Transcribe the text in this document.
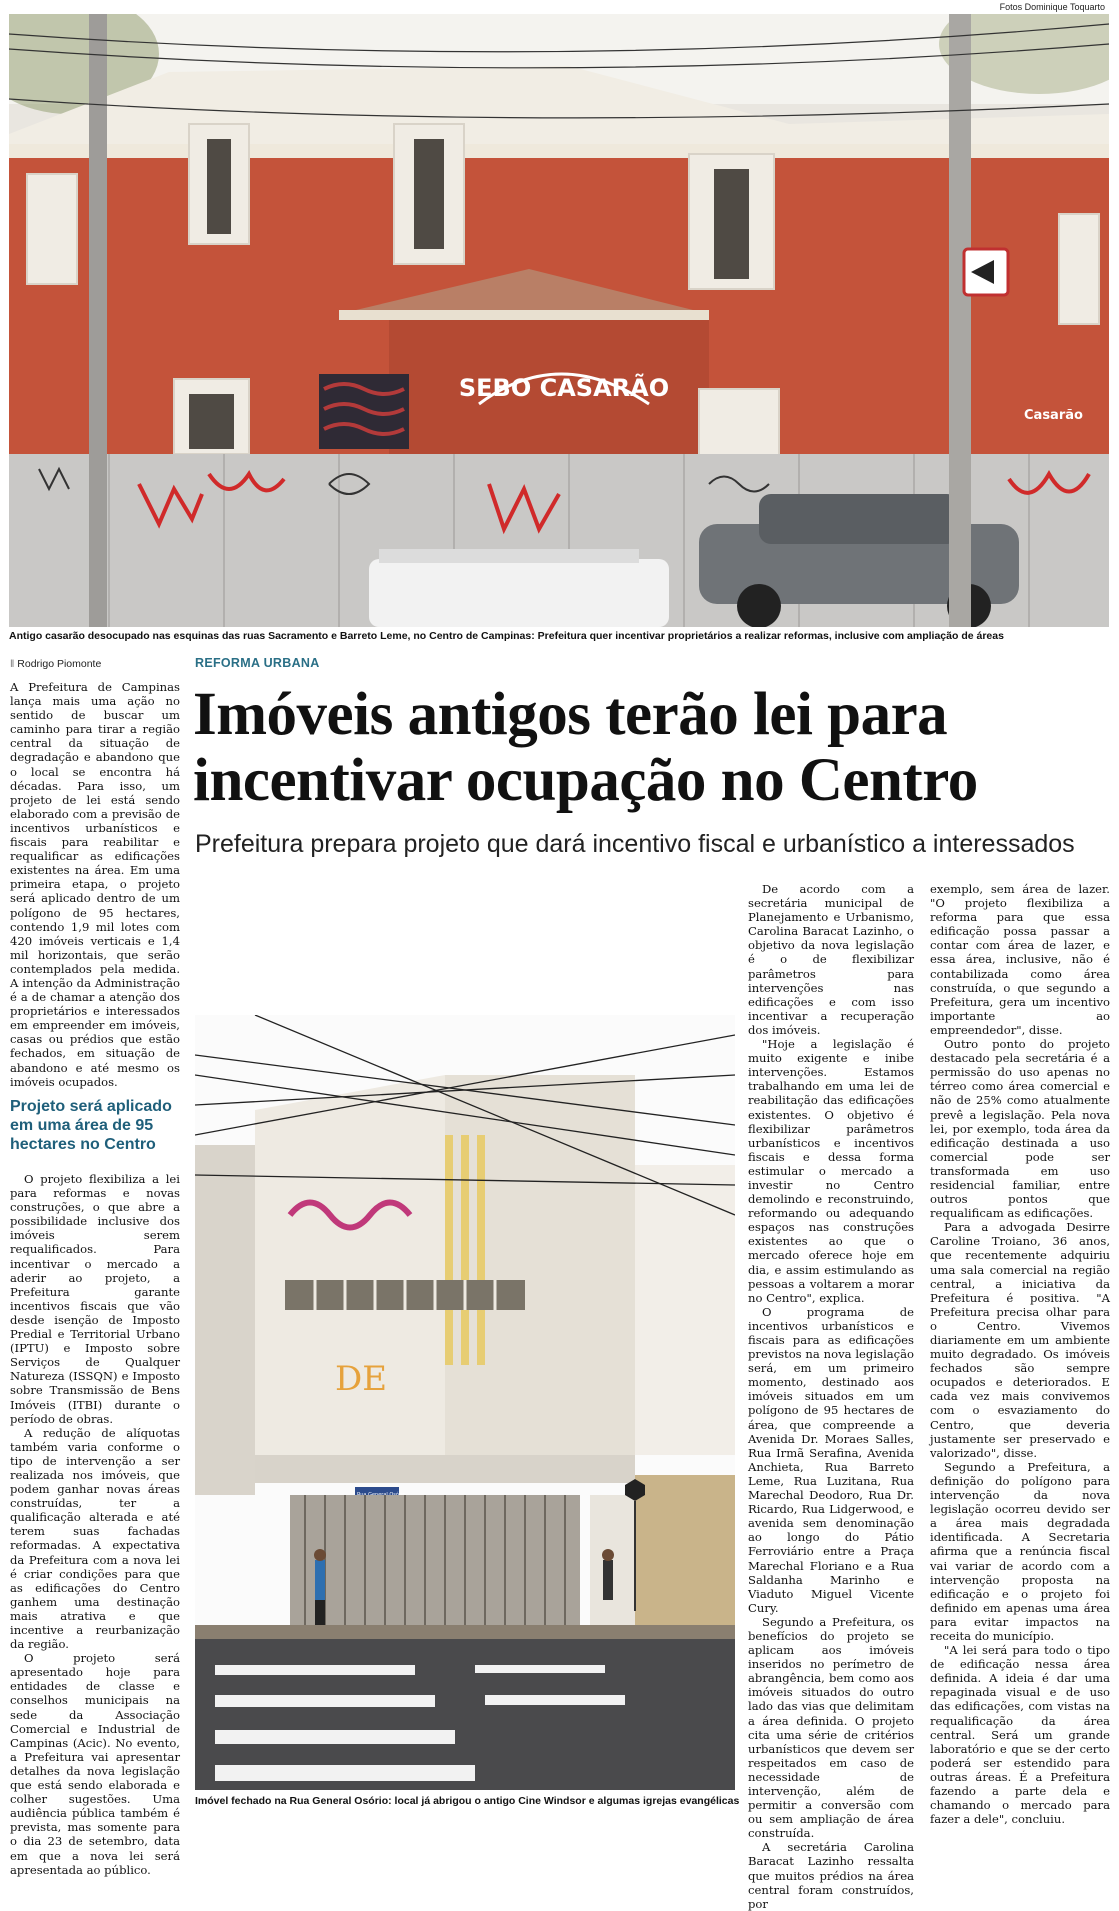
Fotos Dominique Toquarto
SEBO CASARÃO
Casarão
Antigo casarão desocupado nas esquinas das ruas Sacramento e Barreto Leme, no Centro de Campinas: Prefeitura quer incentivar proprietários a realizar reformas, inclusive com ampliação de áreas
‖ Rodrigo Piomonte	REFORMA URBANA
Imóveis antigos terão lei para incentivar ocupação no Centro
Prefeitura prepara projeto que dará incentivo fiscal e urbanístico a interessados

A Prefeitura de Campinas lança mais uma ação no sentido de buscar um caminho para tirar a região central da situação de degradação e abandono que o local se encontra há décadas. Para isso, um projeto de lei está sendo elaborado com a previsão de incentivos urbanísticos e fiscais para reabilitar e requalificar as edificações existentes na área. Em uma primeira etapa, o projeto será aplicado dentro de um polígono de 95 hectares, contendo 1,9 mil lotes com 420 imóveis verticais e 1,4 mil horizontais, que serão contemplados pela medida. A intenção da Administração é a de chamar a atenção dos proprietários e interessados em empreender em imóveis, casas ou prédios que estão fechados, em situação de abandono e até mesmo os imóveis ocupados.

Projeto será aplicado em uma área de 95 hectares no Centro

O projeto flexibiliza a lei para reformas e novas construções, o que abre a possibilidade inclusive dos imóveis serem requalificados. Para incentivar o mercado a aderir ao projeto, a Prefeitura garante incentivos fiscais que vão desde isenção de Imposto Predial e Territorial Urbano (IPTU) e Imposto sobre Serviços de Qualquer Natureza (ISSQN) e Imposto sobre Transmissão de Bens Imóveis (ITBI) durante o período de obras.

A redução de alíquotas também varia conforme o tipo de intervenção a ser realizada nos imóveis, que podem ganhar novas áreas construídas, ter a qualificação alterada e até terem suas fachadas reformadas. A expectativa da Prefeitura com a nova lei é criar condições para que as edificações do Centro ganhem uma destinação mais atrativa e que incentive a reurbanização da região.

O projeto será apresentado hoje para entidades de classe e conselhos municipais na sede da Associação Comercial e Industrial de Campinas (Acic). No evento, a Prefeitura vai apresentar detalhes da nova legislação que está sendo elaborada e colher sugestões. Uma audiência pública também é prevista, mas somente para o dia 23 de setembro, data em que a nova lei será apresentada ao público.

DE
Imóvel fechado na Rua General Osório: local já abrigou o antigo Cine Windsor e algumas igrejas evangélicas

De acordo com a secretária municipal de Planejamento e Urbanismo, Carolina Baracat Lazinho, o objetivo da nova legislação é o de flexibilizar parâmetros para intervenções nas edificações e com isso incentivar a recuperação dos imóveis.

"Hoje a legislação é muito exigente e inibe intervenções. Estamos trabalhando em uma lei de reabilitação das edificações existentes. O objetivo é flexibilizar parâmetros urbanísticos e incentivos fiscais e dessa forma estimular o mercado a investir no Centro demolindo e reconstruindo, reformando ou adequando espaços nas construções existentes ao que o mercado oferece hoje em dia, e assim estimulando as pessoas a voltarem a morar no Centro", explica.

O programa de incentivos urbanísticos e fiscais para as edificações previstos na nova legislação será, em um primeiro momento, destinado aos imóveis situados em um polígono de 95 hectares de área, que compreende a Avenida Dr. Moraes Salles, Rua Irmã Serafina, Avenida Anchieta, Rua Barreto Leme, Rua Luzitana, Rua Marechal Deodoro, Rua Dr. Ricardo, Rua Lidgerwood, e avenida sem denominação ao longo do Pátio Ferroviário entre a Praça Marechal Floriano e a Rua Saldanha Marinho e Viaduto Miguel Vicente Cury.

Segundo a Prefeitura, os benefícios do projeto se aplicam aos imóveis inseridos no perímetro de abrangência, bem como aos imóveis situados do outro lado das vias que delimitam a área definida. O projeto cita uma série de critérios urbanísticos que devem ser respeitados em caso de necessidade de intervenção, além de permitir a conversão com ou sem ampliação de área construída.

A secretária Carolina Baracat Lazinho ressalta que muitos prédios na área central foram construídos, por

exemplo, sem área de lazer. "O projeto flexibiliza a reforma para que essa edificação possa passar a contar com área de lazer, e essa área, inclusive, não é contabilizada como área construída, o que segundo a Prefeitura, gera um incentivo importante ao empreendedor", disse.

Outro ponto do projeto destacado pela secretária é a permissão do uso apenas no térreo como área comercial e não de 25% como atualmente prevê a legislação. Pela nova lei, por exemplo, toda área da edificação destinada a uso comercial pode ser transformada em uso residencial familiar, entre outros pontos que requalificam as edificações.

Para a advogada Desirre Caroline Troiano, 36 anos, que recentemente adquiriu uma sala comercial na região central, a iniciativa da Prefeitura é positiva. "A Prefeitura precisa olhar para o Centro. Vivemos diariamente em um ambiente muito degradado. Os imóveis fechados são sempre ocupados e deteriorados. E cada vez mais convivemos com o esvaziamento do Centro, que deveria justamente ser preservado e valorizado", disse.

Segundo a Prefeitura, a definição do polígono para intervenção da nova legislação ocorreu devido ser a área mais degradada identificada. A Secretaria afirma que a renúncia fiscal vai variar de acordo com a intervenção proposta na edificação e o projeto foi definido em apenas uma área para evitar impactos na receita do município.

"A lei será para todo o tipo de edificação nessa área definida. A ideia é dar uma repaginada visual e de uso das edificações, com vistas na requalificação da área central. Será um grande laboratório e que se der certo poderá ser estendido para outras áreas. É a Prefeitura fazendo a parte dela e chamando o mercado para fazer a dele", concluiu.
